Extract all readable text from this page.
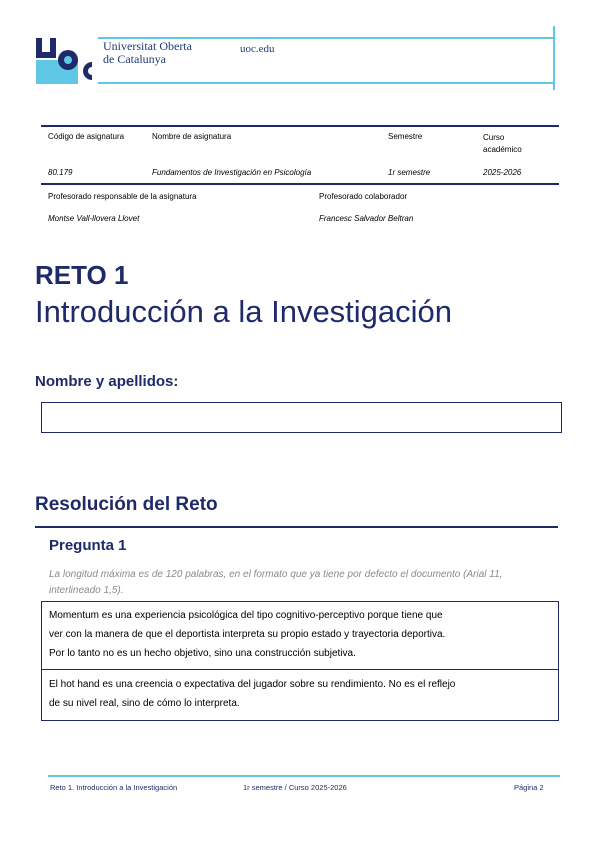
Universitat Oberta
de Catalunya
uoc.edu
Código de asignatura	Nombre de asignatura	Semestre	Curso
académico
80.179	Fundamentos de Investigación en Psicología	1r semestre	2025-2026
Profesorado responsable de la asignatura	Profesorado colaborador
Montse Vall-llovera Llovet	Francesc Salvador Beltran
RETO 1
Introducción a la Investigación
Nombre y apellidos:
Resolución del Reto
Pregunta 1
La longitud máxima es de 120 palabras, en el formato que ya tiene por defecto el documento (Arial 11,
interlineado 1,5).
Momentum es una experiencia psicológica del tipo cognitivo-perceptivo porque tiene que
ver con la manera de que el deportista interpreta su propio estado y trayectoria deportiva.
Por lo tanto no es un hecho objetivo, sino una construcción subjetiva.
El hot hand es una creencia o expectativa del jugador sobre su rendimiento. No es el reflejo
de su nivel real, sino de cómo lo interpreta.
Reto 1. Introducción a la Investigación	1r semestre / Curso 2025-2026	Página 2
